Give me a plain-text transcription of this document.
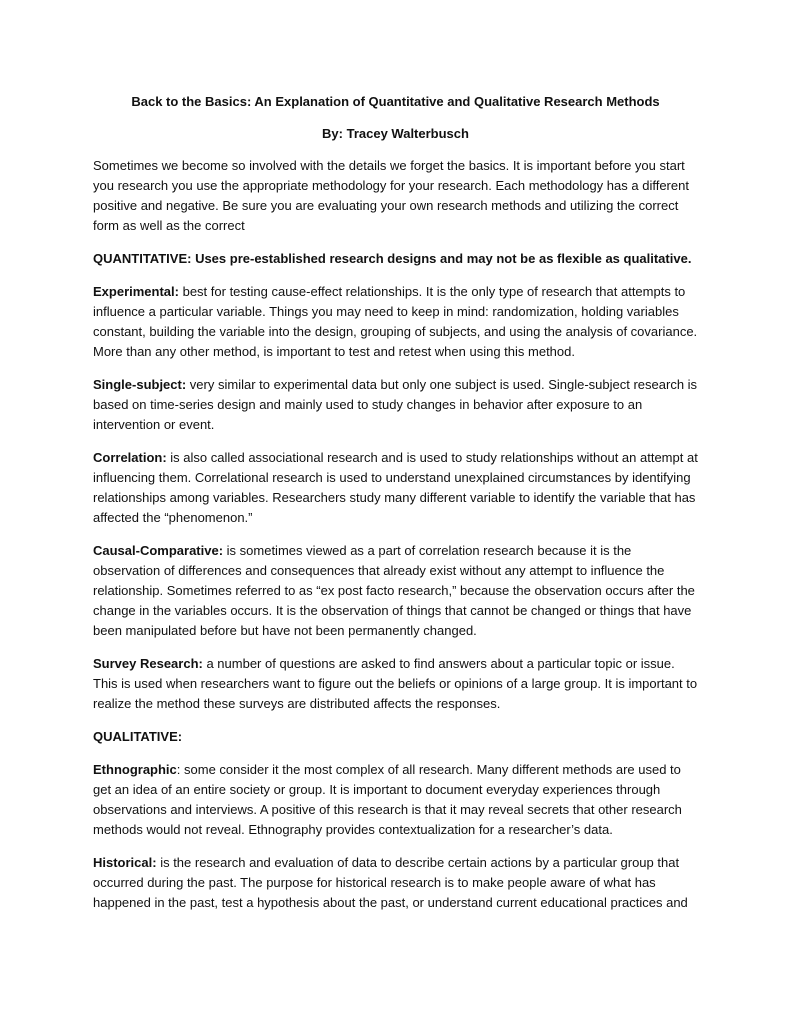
Back to the Basics: An Explanation of Quantitative and Qualitative Research Methods

By: Tracey Walterbusch

Sometimes we become so involved with the details we forget the basics. It is important before you start you research you use the appropriate methodology for your research. Each methodology has a different positive and negative. Be sure you are evaluating your own research methods and utilizing the correct form as well as the correct

QUANTITATIVE: Uses pre-established research designs and may not be as flexible as qualitative.

Experimental: best for testing cause-effect relationships. It is the only type of research that attempts to influence a particular variable. Things you may need to keep in mind: randomization, holding variables constant, building the variable into the design, grouping of subjects, and using the analysis of covariance. More than any other method, is important to test and retest when using this method.

Single-subject: very similar to experimental data but only one subject is used. Single-subject research is based on time-series design and mainly used to study changes in behavior after exposure to an intervention or event.

Correlation: is also called associational research and is used to study relationships without an attempt at influencing them. Correlational research is used to understand unexplained circumstances by identifying relationships among variables. Researchers study many different variable to identify the variable that has affected the “phenomenon.”

Causal-Comparative: is sometimes viewed as a part of correlation research because it is the observation of differences and consequences that already exist without any attempt to influence the relationship. Sometimes referred to as “ex post facto research,” because the observation occurs after the change in the variables occurs. It is the observation of things that cannot be changed or things that have been manipulated before but have not been permanently changed.

Survey Research: a number of questions are asked to find answers about a particular topic or issue. This is used when researchers want to figure out the beliefs or opinions of a large group. It is important to realize the method these surveys are distributed affects the responses.

QUALITATIVE:

Ethnographic: some consider it the most complex of all research. Many different methods are used to get an idea of an entire society or group. It is important to document everyday experiences through observations and interviews. A positive of this research is that it may reveal secrets that other research methods would not reveal. Ethnography provides contextualization for a researcher’s data.

Historical: is the research and evaluation of data to describe certain actions by a particular group that occurred during the past. The purpose for historical research is to make people aware of what has happened in the past, test a hypothesis about the past, or understand current educational practices and
